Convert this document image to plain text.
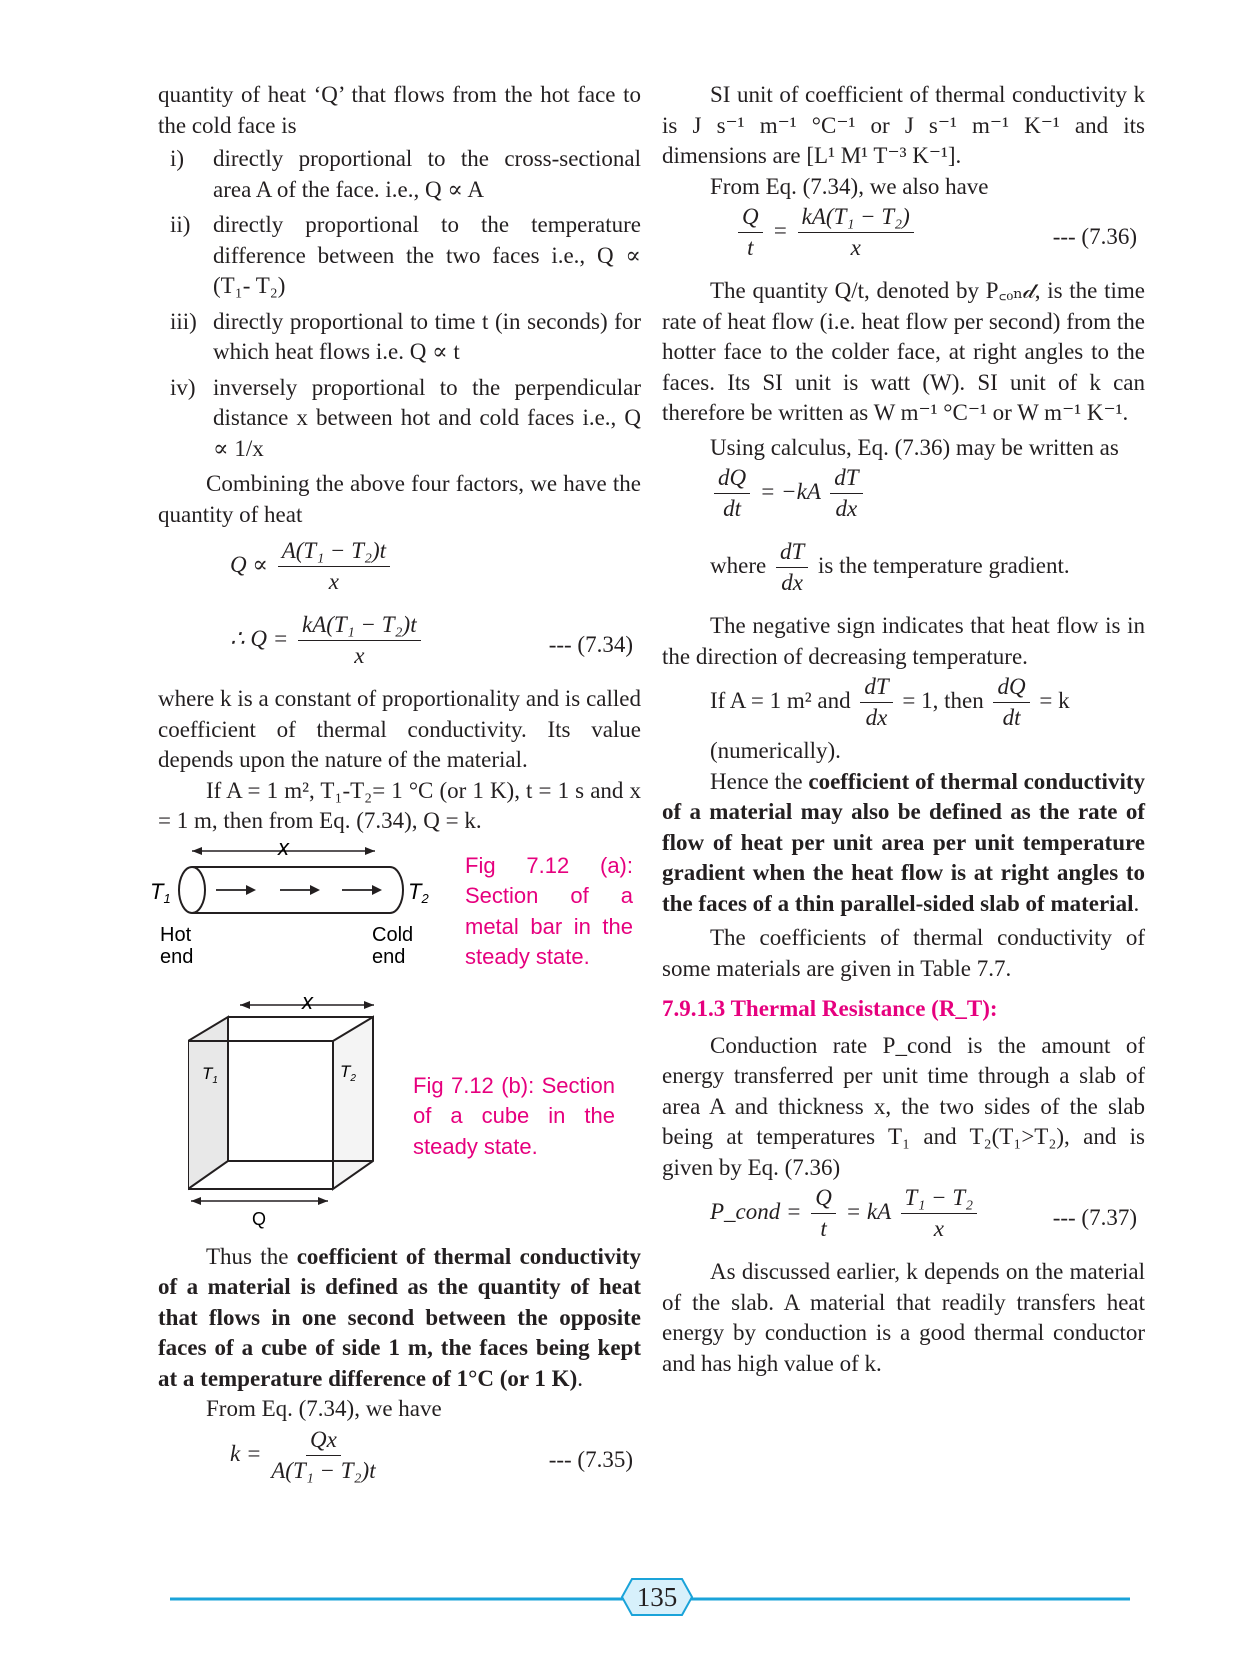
quantity of heat ‘Q’ that flows from the hot face to the cold face is

i)	directly proportional to the cross-sectional area A of the face. i.e., Q ∝ A
ii) directly proportional to the temperature difference between the two faces i.e., Q ∝ (T₁- T₂)
iii) directly proportional to time t (in seconds) for which heat flows i.e. Q ∝ t
iv) inversely proportional to the perpendicular distance x between hot and cold faces i.e., Q ∝ 1/x

Combining the above four factors, we have the quantity of heat

$Q \propto \frac{\text{A(T₁ − T₂)t}}{x}$
∴ $Q = \frac{\text{kA(T₁ − T₂)t}}{x}$	--- (7.34)

where k is a constant of proportionality and is called coefficient of thermal conductivity. Its value depends upon the nature of the material.

If A = 1 m², T₁-T₂= 1 °C (or 1 K), t = 1 s and x = 1 m, then from Eq. (7.34), Q = k.

x
T1	T2
Hot
end
Cold
end
Fig 7.12 (a): Section of a metal bar in the steady state.
x
$T_1$	$T_2$
Q
Fig 7.12 (b): Section of a cube in the steady state.

Thus the coefficient of thermal conductivity of a material is defined as the quantity of heat that flows in one second between the opposite faces of a cube of side 1 m, the faces being kept at a temperature difference of 1°C (or 1 K).

From Eq. (7.34), we have

$k = \frac{Qx}{\text{A(T₁ − T₂)t}}$	--- (7.35)

SI unit of coefficient of thermal conductivity k is J s⁻¹ m⁻¹ °C⁻¹ or J s⁻¹ m⁻¹ K⁻¹ and its dimensions are [L¹ M¹ T⁻³ K⁻¹].

From Eq. (7.34), we also have

$\frac{Q}{t} = \frac{\text{kA(T₁ − T₂)}}{x}$	--- (7.36)

The quantity Q/t, denoted by P꜀ₒₙ𝒹, is the time rate of heat flow (i.e. heat flow per second) from the hotter face to the colder face, at right angles to the faces. Its SI unit is watt (W). SI unit of k can therefore be written as W m⁻¹ °C⁻¹ or W m⁻¹ K⁻¹.

Using calculus, Eq. (7.36) may be written as

$\frac{dQ}{dt} = -kA \frac{dT}{dx}$
where $\frac{dT}{dx}$ is the temperature gradient.

The negative sign indicates that heat flow is in the direction of decreasing temperature.

If A = 1 m² and $\frac{dT}{dx} = 1$, then $\frac{dQ}{dt} = k$

(numerically).

Hence the coefficient of thermal conductivity of a material may also be defined as the rate of flow of heat per unit area per unit temperature gradient when the heat flow is at right angles to the faces of a thin parallel-sided slab of material.

The coefficients of thermal conductivity of some materials are given in Table 7.7.

7.9.1.3 Thermal Resistance (R_T):

Conduction rate P_cond is the amount of energy transferred per unit time through a slab of area A and thickness x, the two sides of the slab being at temperatures T₁ and T₂(T₁>T₂), and is given by Eq. (7.36)

P_cond = $\frac{Q}{t}$ = kA $\frac{\text{T₁ − T₂}}{x}$	--- (7.37)

As discussed earlier, k depends on the material of the slab. A material that readily transfers heat energy by conduction is a good thermal conductor and has high value of k.

135
